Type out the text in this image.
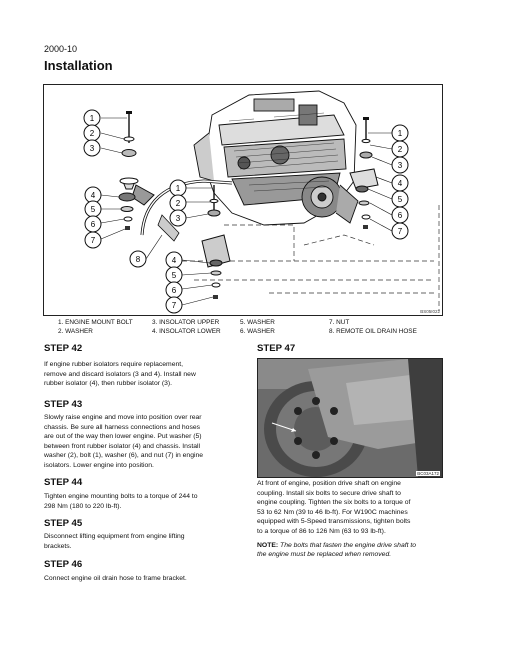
2000-10
Installation
1
2
3
4
5
6
7
8
1
2
3
4
5
6
7
1
2
3
4
5
6
7
BS05I022
1. ENGINE MOUNT BOLT
2. WASHER
3. INSOLATOR UPPER
4. INSOLATOR LOWER
5. WASHER
6. WASHER
7. NUT
8. REMOTE OIL DRAIN HOSE

STEP 42

If engine rubber isolators require replacement,
remove and discard isolators (3 and 4). Install new
rubber isolator (4), then rubber isolator (3).

STEP 43

Slowly raise engine and move into position over rear
chassis. Be sure all harness connections and hoses
are out of the way then lower engine. Put washer (5)
between front rubber isolator (4) and chassis. Install
washer (2), bolt (1), washer (6), and nut (7) in engine
isolators. Lower engine into position.

STEP 44

Tighten engine mounting bolts to a torque of 244 to
298 Nm (180 to 220 lb-ft).

STEP 45

Disconnect lifting equipment from engine lifting
brackets.

STEP 46

Connect engine oil drain hose to frame bracket.

STEP 47

BC03A172
At front of engine, position drive shaft on engine
coupling. Install six bolts to secure drive shaft to
engine coupling. Tighten the six bolts to a torque of
53 to 62 Nm (39 to 46 lb-ft). For W190C machines
equipped with 5-Speed transmissions, tighten bolts
to a torque of 86 to 126 Nm (63 to 93 lb-ft).
NOTE: The bolts that fasten the engine drive shaft to
the engine must be replaced when removed.
